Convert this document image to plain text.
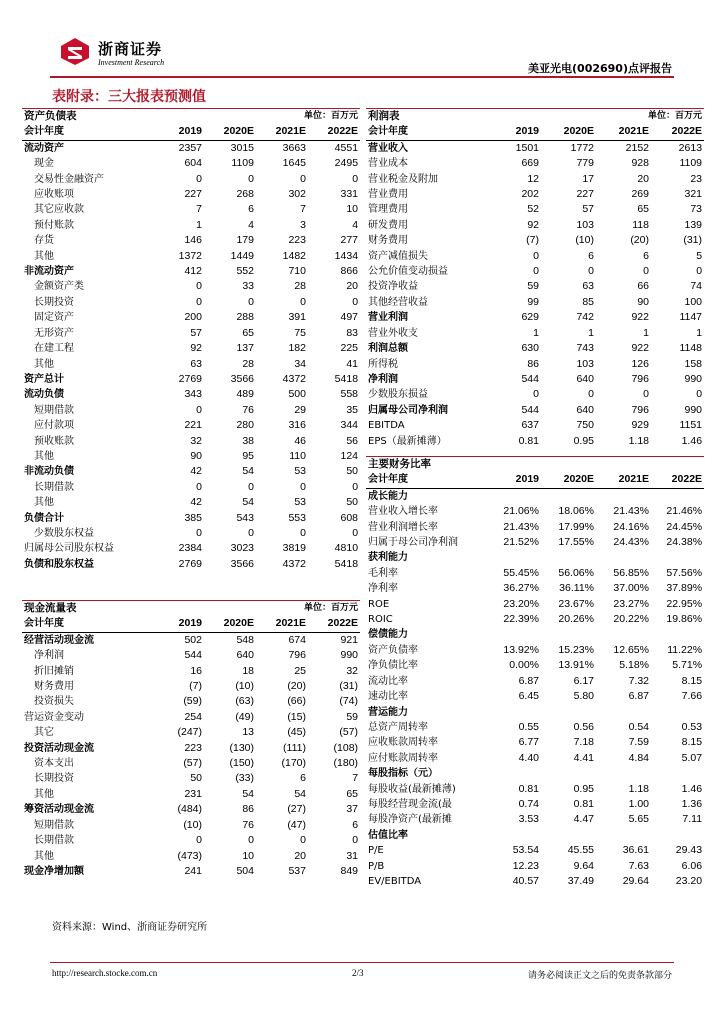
浙商证券
Investment Research	美亚光电(002690)点评报告
表附录：三大报表预测值
资产负债表		单位：百万元		
会计年度	2019	2020E	2021E	2022E
流动资产	2357	3015	3663	4551
现金	604	1109	1645	2495
交易性金融资产	0	0	0	0
应收账项	227	268	302	331
其它应收款	7	6	7	10
预付账款	1	4	3	4
存货	146	179	223	277
其他	1372	1449	1482	1434
非流动资产	412	552	710	866
金额资产类	0	33	28	20
长期投资	0	0	0	0
固定资产	200	288	391	497
无形资产	57	65	75	83
在建工程	92	137	182	225
其他	63	28	34	41
资产总计	2769	3566	4372	5418
流动负债	343	489	500	558
短期借款	0	76	29	35
应付款项	221	280	316	344
预收账款	32	38	46	56
其他	90	95	110	124
非流动负债	42	54	53	50
长期借款	0	0	0	0
其他	42	54	53	50
负债合计	385	543	553	608
少数股东权益	0	0	0	0
归属母公司股东权益	2384	3023	3819	4810
负债和股东权益	2769	3566	4372	5418
现金流量表		单位：百万元		
会计年度	2019	2020E	2021E	2022E
经营活动现金流	502	548	674	921
净利润	544	640	796	990
折旧摊销	16	18	25	32
财务费用	(7)	(10)	(20)	(31)
投资损失	(59)	(63)	(66)	(74)
营运资金变动	254	(49)	(15)	59
其它	(247)	13	(45)	(57)
投资活动现金流	223	(130)	(111)	(108)
资本支出	(57)	(150)	(170)	(180)
长期投资	50	(33)	6	7
其他	231	54	54	65
筹资活动现金流	(484)	86	(27)	37
短期借款	(10)	76	(47)	6
长期借款	0	0	0	0
其他	(473)	10	20	31
现金净增加额	241	504	537	849
利润表		单位：百万元		
会计年度	2019	2020E	2021E	2022E
营业收入	1501	1772	2152	2613
营业成本	669	779	928	1109
营业税金及附加	12	17	20	23
营业费用	202	227	269	321
管理费用	52	57	65	73
研发费用	92	103	118	139
财务费用	(7)	(10)	(20)	(31)
资产减值损失	0	6	6	5
公允价值变动损益	0	0	0	0
投资净收益	59	63	66	74
其他经营收益	99	85	90	100
营业利润	629	742	922	1147
营业外收支	1	1	1	1
利润总额	630	743	922	1148
所得税	86	103	126	158
净利润	544	640	796	990
少数股东损益	0	0	0	0
归属母公司净利润	544	640	796	990
EBITDA	637	750	929	1151
EPS（最新摊薄）	0.81	0.95	1.18	1.46
主要财务比率				
会计年度	2019	2020E	2021E	2022E
成长能力				
营业收入增长率	21.06%	18.06%	21.43%	21.46%
营业利润增长率	21.43%	17.99%	24.16%	24.45%
归属于母公司净利润	21.52%	17.55%	24.43%	24.38%
获利能力				
毛利率	55.45%	56.06%	56.85%	57.56%
净利率	36.27%	36.11%	37.00%	37.89%
ROE	23.20%	23.67%	23.27%	22.95%
ROIC	22.39%	20.26%	20.22%	19.86%
偿债能力				
资产负债率	13.92%	15.23%	12.65%	11.22%
净负债比率	0.00%	13.91%	5.18%	5.71%
流动比率	6.87	6.17	7.32	8.15
速动比率	6.45	5.80	6.87	7.66
营运能力				
总资产周转率	0.55	0.56	0.54	0.53
应收账款周转率	6.77	7.18	7.59	8.15
应付账款周转率	4.40	4.41	4.84	5.07
每股指标（元）				
每股收益(最新摊薄)	0.81	0.95	1.18	1.46
每股经营现金流(最	0.74	0.81	1.00	1.36
每股净资产(最新摊	3.53	4.47	5.65	7.11
估值比率				
P/E	53.54	45.55	36.61	29.43
P/B	12.23	9.64	7.63	6.06
EV/EBITDA	40.57	37.49	29.64	23.20
资料来源：Wind、浙商证券研究所
http://research.stocke.com.cn	2/3	请务必阅读正文之后的免责条款部分
